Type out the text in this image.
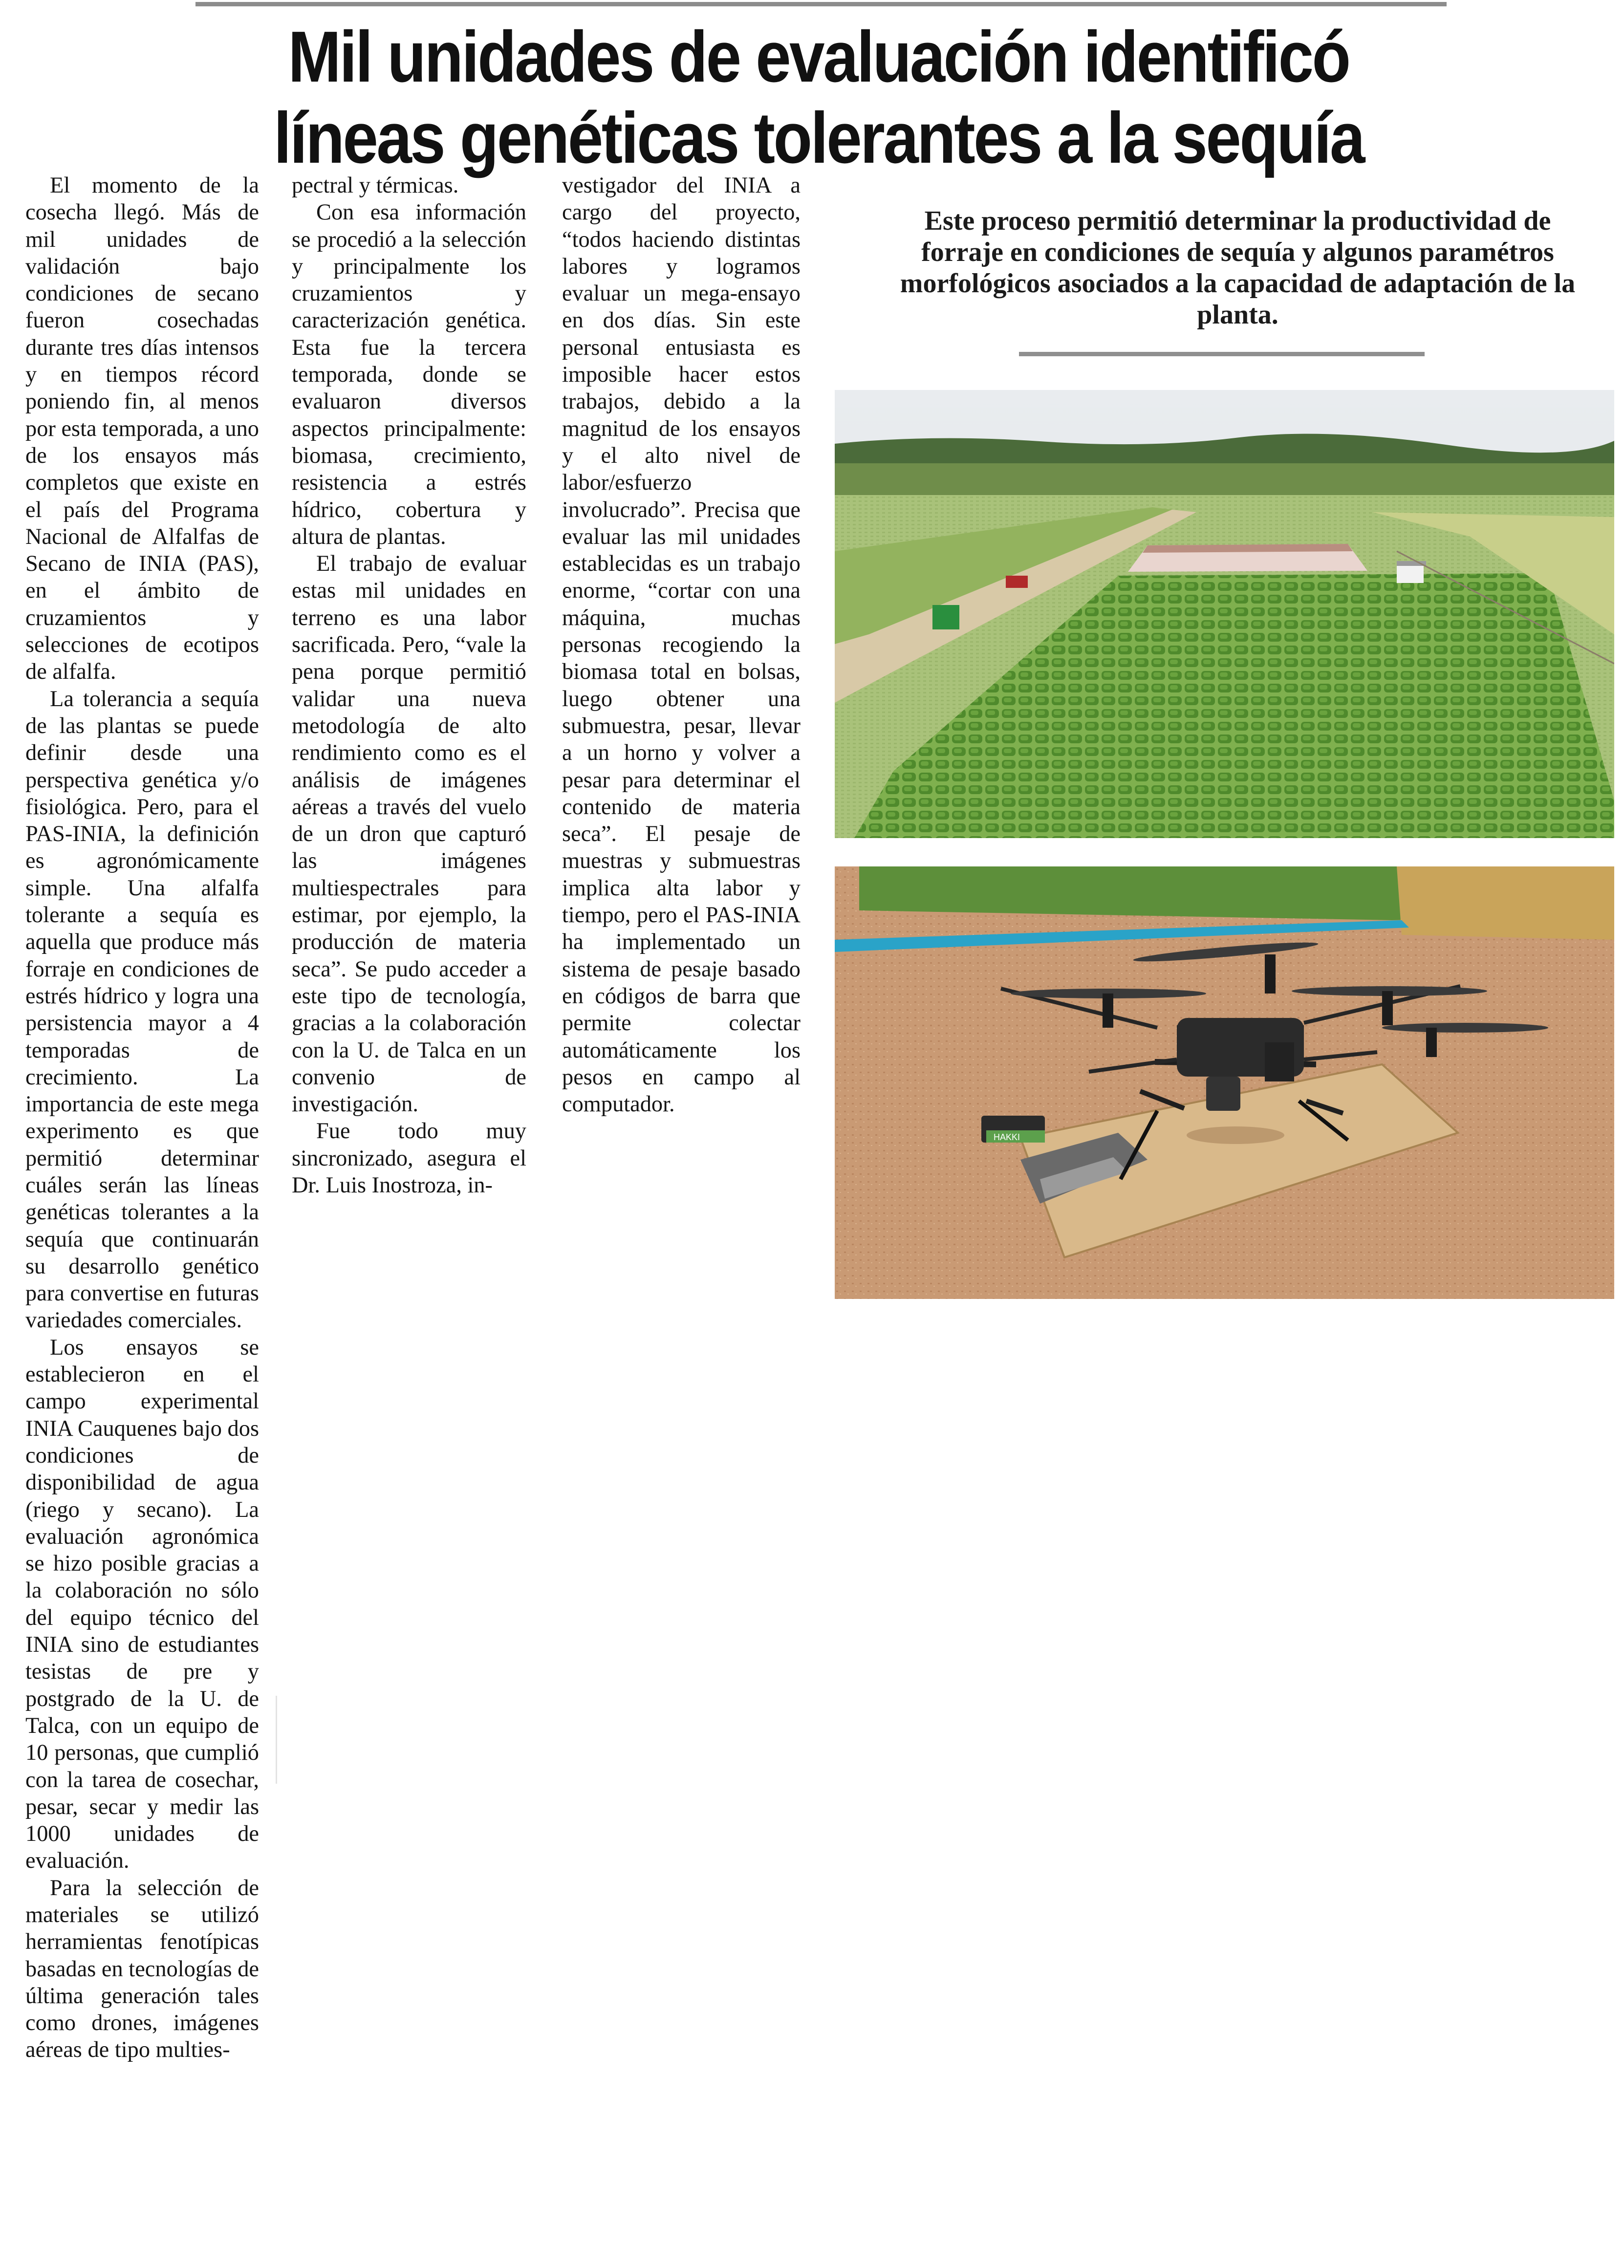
Mil unidades de evaluación identificó
líneas genéticas tolerantes a la sequía

El momento de la cosecha llegó. Más de mil unidades de validación bajo condiciones de secano fueron cosechadas durante tres días intensos y en tiempos récord poniendo fin, al menos por esta temporada, a uno de los ensayos más completos que existe en el país del Programa Nacional de Alfalfas de Secano de INIA (PAS), en el ámbito de cruzamientos y selecciones de ecotipos de alfalfa.

La tolerancia a sequía de las plantas se puede definir desde una perspectiva genética y/o fisiológica. Pero, para el PAS-INIA, la definición es agronómicamente simple. Una alfalfa tolerante a sequía es aquella que produce más forraje en condiciones de estrés hídrico y logra una persistencia mayor a 4 temporadas de crecimiento. La importancia de este mega experimento es que permitió determinar cuáles serán las líneas genéticas tolerantes a la sequía que continuarán su desarrollo genético para convertise en futuras variedades comerciales.

Los ensayos se establecieron en el campo experimental INIA Cauquenes bajo dos condiciones de disponibilidad de agua (riego y secano). La evaluación agronómica se hizo posible gracias a la colaboración no sólo del equipo técnico del INIA sino de estudiantes tesistas de pre y postgrado de la U. de Talca, con un equipo de 10 personas, que cumplió con la tarea de cosechar, pesar, secar y medir las 1000 unidades de evaluación.

Para la selección de materiales se utilizó herramientas fenotípicas basadas en tecnologías de última generación tales como drones, imágenes aéreas de tipo multies-

pectral y térmicas.

Con esa información se procedió a la selección y principalmente los cruzamientos y caracterización genética. Esta fue la tercera temporada, donde se evaluaron diversos aspectos principalmente: biomasa, crecimiento, resistencia a estrés hídrico, cobertura y altura de plantas.

El trabajo de evaluar estas mil unidades en terreno es una labor sacrificada. Pero, “vale la pena porque permitió validar una nueva metodología de alto rendimiento como es el análisis de imágenes aéreas a través del vuelo de un dron que capturó las imágenes multiespectrales para estimar, por ejemplo, la producción de materia seca”. Se pudo acceder a este tipo de tecnología, gracias a la colaboración con la U. de Talca en un convenio de investigación.

Fue todo muy sincronizado, asegura el Dr. Luis Inostroza, in-

vestigador del INIA a cargo del proyecto, “todos haciendo distintas labores y logramos evaluar un mega-ensayo en dos días. Sin este personal entusiasta es imposible hacer estos trabajos, debido a la magnitud de los ensayos y el alto nivel de labor/esfuerzo involucrado”. Precisa que evaluar las mil unidades establecidas es un trabajo enorme, “cortar con una máquina, muchas personas recogiendo la biomasa total en bolsas, luego obtener una submuestra, pesar, llevar a un horno y volver a pesar para determinar el contenido de materia seca”. El pesaje de muestras y submuestras implica alta labor y tiempo, pero el PAS-INIA ha implementado un sistema de pesaje basado en códigos de barra que permite colectar automáticamente los pesos en campo al computador.

Este proceso permitió determinar la productividad de forraje en condiciones de sequía y algunos paramétros morfológicos asociados a la capacidad de adaptación de la planta.
HAKKI
